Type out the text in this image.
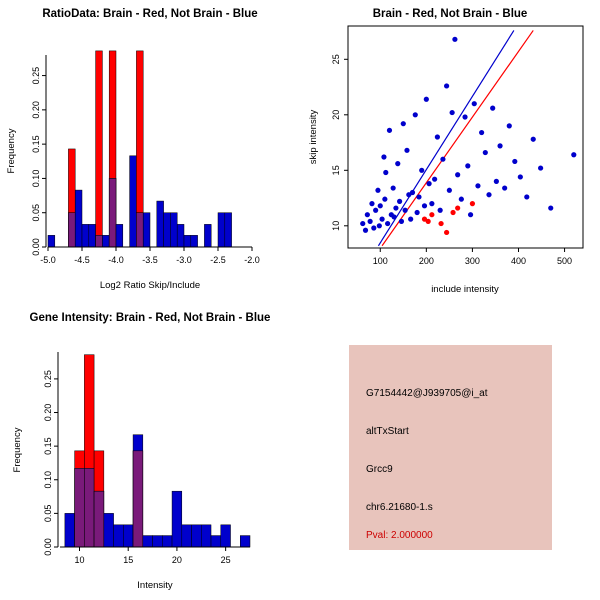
RatioData: Brain - Red, Not Brain - Blue
-5.0 -4.5 -4.0 -3.5 -3.0 -2.5 -2.0
0.00
0.05
0.10
0.15
0.20
0.25
Log2 Ratio Skip/Include
Frequency
Brain - Red, Not Brain - Blue
100	200	300	400	500
10
15
20
25
include intensity
skip intensity
Gene Intensity: Brain - Red, Not Brain - Blue
10	15	20	25
0.00
0.05
0.10
0.15
0.20
0.25
Intensity
Frequency
G7154442@J939705@i_at
altTxStart
Grcc9
chr6.21680-1.s
Pval: 2.000000
